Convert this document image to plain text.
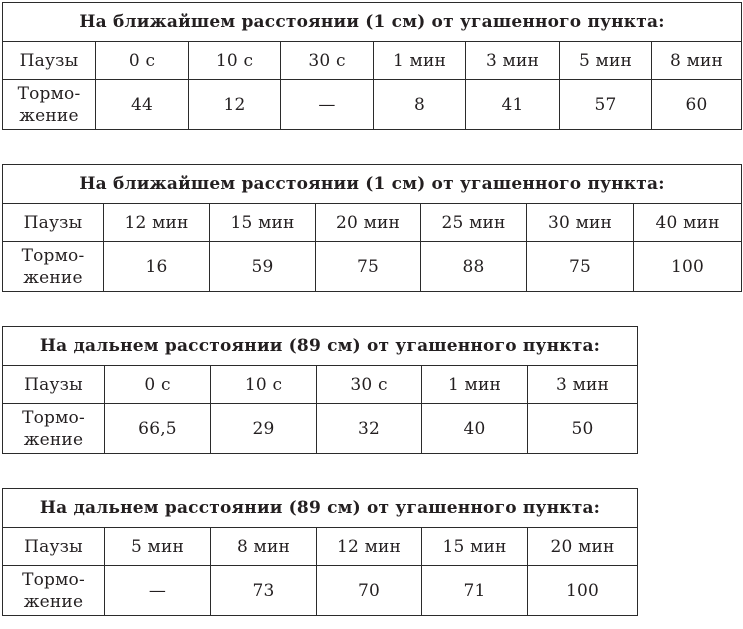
На ближайшем расстоянии (1 см) от угашенного пункта:							
Паузы	0 с	10 с	30 с	1 мин	3 мин	5 мин	8 мин

Тормо-
жение	44	12	—	8	41	57	60
На ближайшем расстоянии (1 см) от угашенного пункта:						
Паузы	12 мин	15 мин	20 мин	25 мин	30 мин	40 мин

Тормо-
жение	16	59	75	88	75	100
На дальнем расстоянии (89 см) от угашенного пункта:					
Паузы	0 с	10 с	30 с	1 мин	3 мин

Тормо-
жение	66,5	29	32	40	50
На дальнем расстоянии (89 см) от угашенного пункта:					
Паузы	5 мин	8 мин	12 мин	15 мин	20 мин

Тормо-
жение	—	73	70	71	100
